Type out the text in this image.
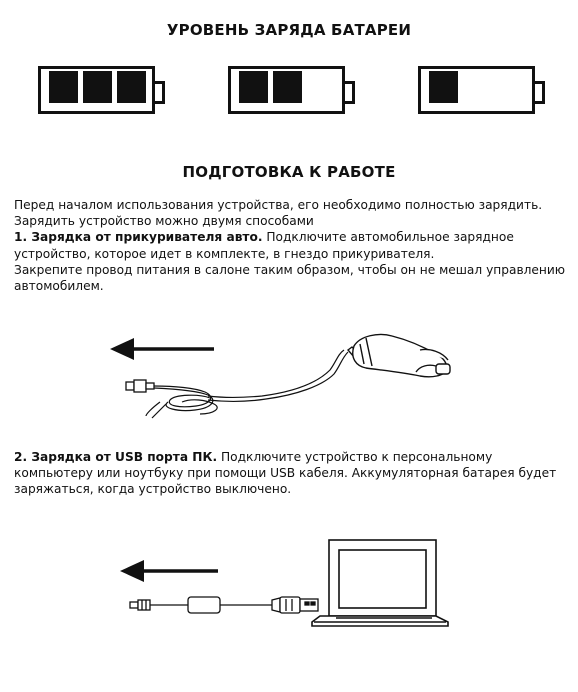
УРОВЕНЬ ЗАРЯДА БАТАРЕИ
ПОДГОТОВКА К РАБОТЕ
Перед началом использования устройства, его необходимо полностью зарядить.
Зарядить устройство можно двумя способами
1. Зарядка от прикуривателя авто. Подключите автомобильное зарядное устройство, которое идет в комплекте, в гнездо прикуривателя.
Закрепите провод питания в салоне таким образом, чтобы он не мешал управлению автомобилем.
2. Зарядка от USB порта ПК. Подключите устройство к персональному компьютеру или ноутбуку при помощи USB кабеля. Аккумуляторная батарея будет заряжаться, когда устройство выключено.
